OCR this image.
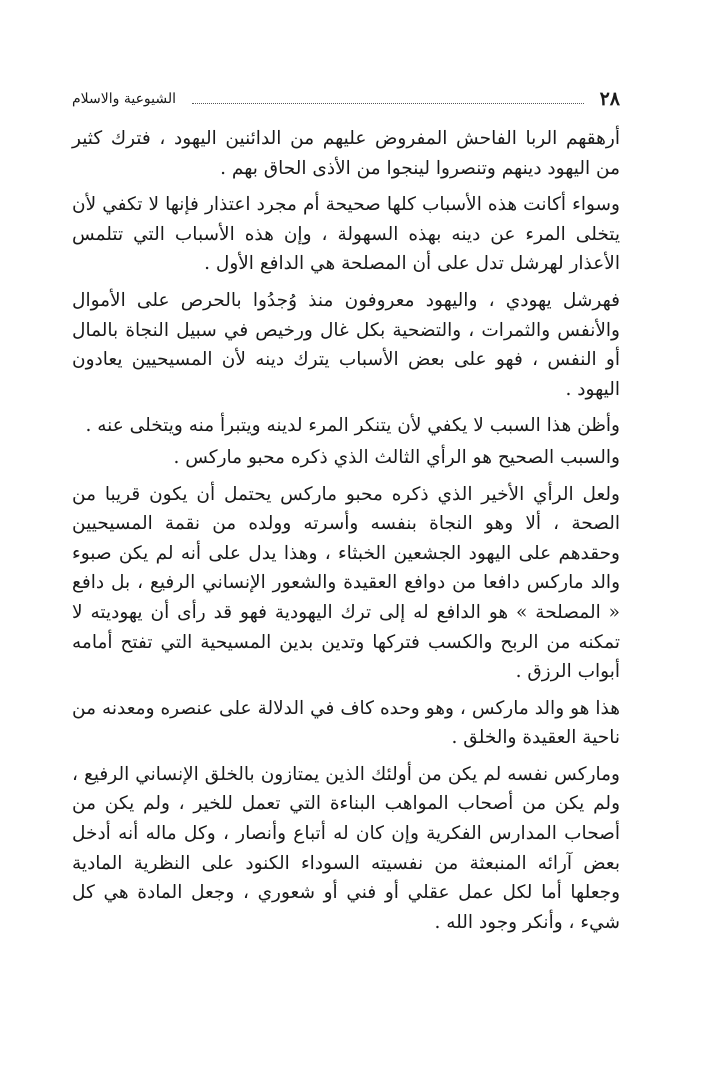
٢٨
الشيوعية والاسلام

أرهقهم الربا الفاحش المفروض عليهم من الدائنين اليهود ، فترك كثير من اليهود دينهم وتنصروا لينجوا من الأذى الحاق بهم .

وسواء أكانت هذه الأسباب كلها صحيحة أم مجرد اعتذار فإنها لا تكفي لأن يتخلى المرء عن دينه بهذه السهولة ، وإن هذه الأسباب التي تتلمس الأعذار لهرشل تدل على أن المصلحة هي الدافع الأول .

فهرشل يهودي ، واليهود معروفون منذ وُجدُوا بالحرص على الأموال والأنفس والثمرات ، والتضحية بكل غال ورخيص في سبيل النجاة بالمال أو النفس ، فهو على بعض الأسباب يترك دينه لأن المسيحيين يعادون اليهود .

وأظن هذا السبب لا يكفي لأن يتنكر المرء لدينه ويتبرأ منه ويتخلى عنه .

والسبب الصحيح هو الرأي الثالث الذي ذكره محبو ماركس .

ولعل الرأي الأخير الذي ذكره محبو ماركس يحتمل أن يكون قريبا من الصحة ، ألا وهو النجاة بنفسه وأسرته وولده من نقمة المسيحيين وحقدهم على اليهود الجشعين الخبثاء ، وهذا يدل على أنه لم يكن صبوء والد ماركس دافعا من دوافع العقيدة والشعور الإنساني الرفيع ، بل دافع « المصلحة » هو الدافع له إلى ترك اليهودية فهو قد رأى أن يهوديته لا تمكنه من الربح والكسب فتركها وتدين بدين المسيحية التي تفتح أمامه أبواب الرزق .

هذا هو والد ماركس ، وهو وحده كاف في الدلالة على عنصره ومعدنه من ناحية العقيدة والخلق .

وماركس نفسه لم يكن من أولئك الذين يمتازون بالخلق الإنساني الرفيع ، ولم يكن من أصحاب المواهب البناءة التي تعمل للخير ، ولم يكن من أصحاب المدارس الفكرية وإن كان له أتباع وأنصار ، وكل ماله أنه أدخل بعض آرائه المنبعثة من نفسيته السوداء الكنود على النظرية المادية وجعلها أما لكل عمل عقلي أو فني أو شعوري ، وجعل المادة هي كل شيء ، وأنكر وجود الله .
